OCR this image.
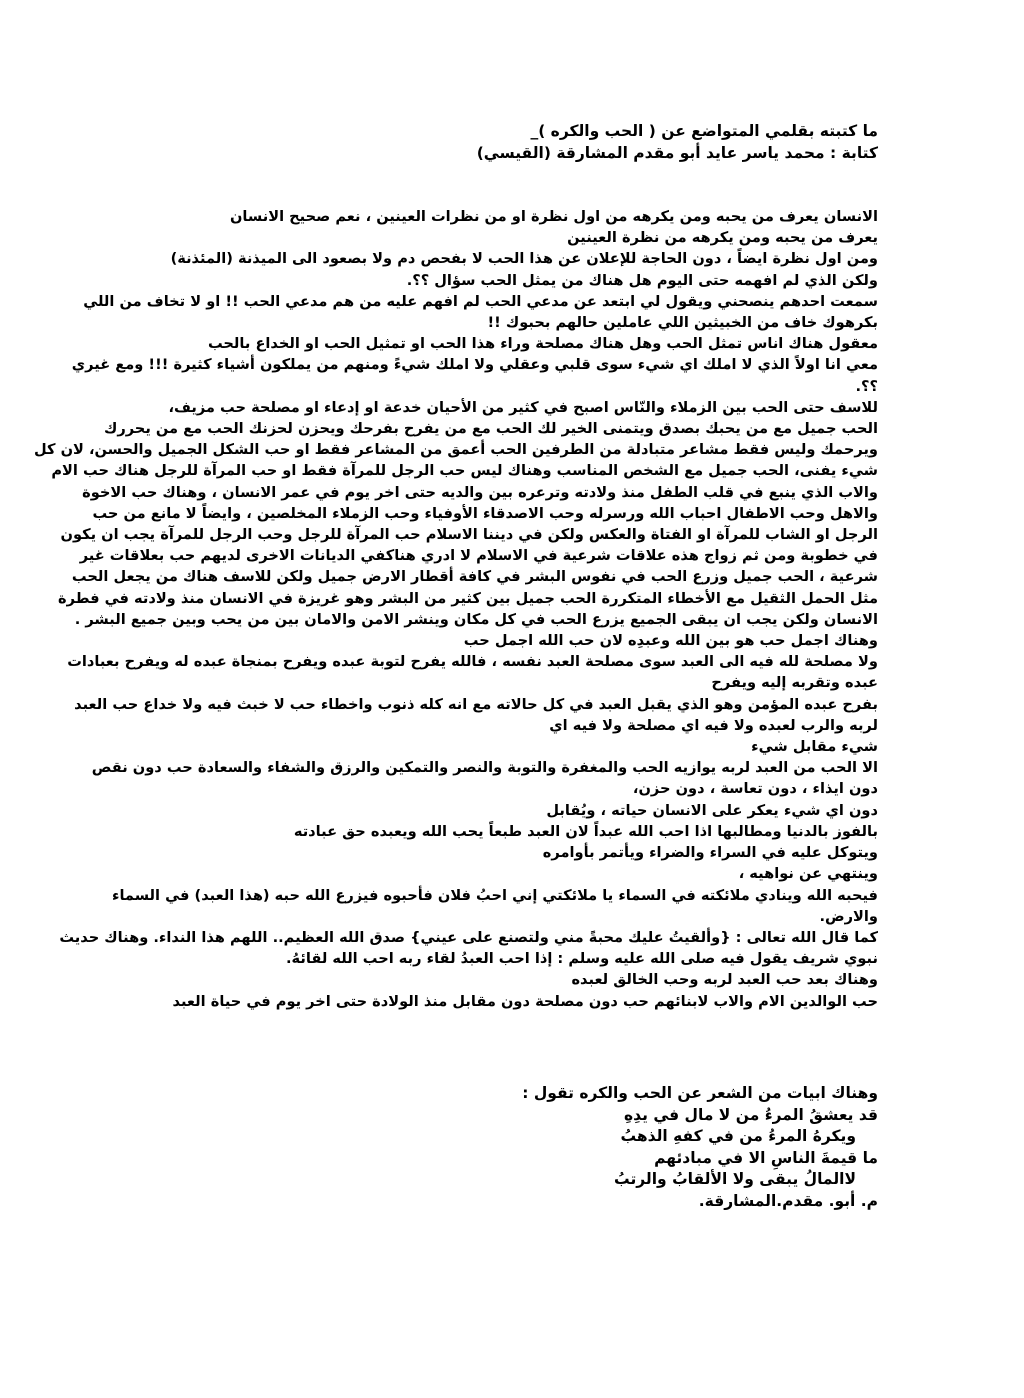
ما كتبته بقلمي المتواضع عن ( الحب والكره )_
كتابة : محمد ياسر عايد أبو مقدم المشارقة (القيسي)
الانسان يعرف من يحبه ومن يكرهه من اول نظرة او من نظرات العينين ، نعم صحيح الانسان
يعرف من يحبه ومن يكرهه من نظرة العينين
ومن اول نظرة ايضاً ، دون الحاجة للإعلان عن هذا الحب لا بفحص دم ولا بصعود الى الميذنة (المئذنة)
ولكن الذي لم افهمه حتى اليوم هل هناك من يمثل الحب سؤال ؟؟.
سمعت احدهم ينصحني ويقول لي ابتعد عن مدعي الحب لم افهم عليه من هم مدعي الحب !! او لا تخاف من اللي
بكرهوك خاف من الخبيثين اللي عاملين حالهم بحبوك !!
معقول هناك اناس تمثل الحب وهل هناك مصلحة وراء هذا الحب او تمثيل الحب او الخداع بالحب
معي انا اولاً الذي لا املك اي شيء سوى قلبي وعقلي ولا املك شيءً ومنهم من يملكون أشياء كثيرة !!! ومع غيري
؟؟.
للاسف حتى الحب بين الزملاء والنّاس اصبح في كثير من الأحيان خدعة او إدعاء او مصلحة حب مزيف،
الحب جميل مع من يحبك بصدق ويتمنى الخير لك الحب مع من يفرح بفرحك ويحزن لحزنك الحب مع من يحررك
ويرحمك وليس فقط مشاعر متبادلة من الطرفين الحب أعمق من المشاعر فقط او حب الشكل الجميل والحسن، لان كل
شيء يفنى، الحب جميل مع الشخص المناسب وهناك ليس حب الرجل للمرآة فقط او حب المرآة للرجل هناك حب الام
والاب الذي ينبع في قلب الطفل منذ ولادته وترعره بين والديه حتى اخر يوم في عمر الانسان ، وهناك حب الاخوة
والاهل وحب الاطفال احباب الله ورسرله وحب الاصدقاء الأوفياء وحب الزملاء المخلصين ، وايضاً لا مانع من حب
الرجل او الشاب للمرآة او الفتاة والعكس ولكن في ديننا الاسلام حب المرآة للرجل وحب الرجل للمرآة يجب ان يكون
في خطوبة ومن ثم زواج هذه علاقات شرعية في الاسلام لا ادري هناكفي الديانات الاخرى لديهم حب بعلاقات غير
شرعية ، الحب جميل وزرع الحب في نفوس البشر في كافة أقطار الارض جميل ولكن للاسف هناك من يجعل الحب
مثل الحمل الثقيل مع الأخطاء المتكررة الحب جميل بين كثير من البشر وهو غريزة في الانسان منذ ولادته في فطرة
الانسان ولكن يجب ان يبقى الجميع يزرع الحب في كل مكان وينشر الامن والامان بين من يحب وبين جميع البشر .
وهناك اجمل حب هو بين الله وعبدِه لان حب الله اجمل حب
ولا مصلحة لله فيه الى العبد سوى مصلحة العبد نفسه ، فالله يفرح لتوبة عبده ويفرح بمنجاة عبده له ويفرح بعبادات
عبده وتقربه إليه ويفرح
بفرح عبده المؤمن وهو الذي يقبل العبد في كل حالاته مع انه كله ذنوب واخطاء حب لا خبث فيه ولا خداع حب العبد
لربه والرب لعبده ولا فيه اي مصلحة ولا فيه اي
شيء مقابل شيء
الا الحب من العبد لربه يوازيه الحب والمغفرة والتوبة والنصر والتمكين والرزق والشفاء والسعادة حب دون نقص
دون ايذاء ، دون تعاسة ، دون حزن،
دون اي شيء يعكر على الانسان حياته ، ويُقابل
بالفوز بالدنيا ومطالبها اذا احب الله عبداً لان العبد طبعاً يحب الله ويعبده حق عبادته
ويتوكل عليه في السراء والضراء ويأتمر بأوامره
وينتهي عن نواهيه ،
فيحبه الله وينادي ملائكته في السماء يا ملائكتي إني احبُ فلان فأحبوه فيزرع الله حبه (هذا العبد) في السماء
والارض.
كما قال الله تعالى : {وألقيتُ عليك محبةً مني ولتصنع على عيني} صدق الله العظيم.. اللهم هذا النداء. وهناك حديث
نبوي شريف يقول فيه صلى الله عليه وسلم : إذا احب العبدُ لقاء ربه احب الله لقائهُ.
وهناك بعد حب العبد لربه وحب الخالق لعبده
حب الوالدين الام والاب لابنائهم حب دون مصلحة دون مقابل منذ الولادة حتى اخر يوم في حياة العبد
وهناك ابيات من الشعر عن الحب والكره تقول :
قد يعشقُ المرءُ من لا مال في يدِهِ
ويكرهُ المرءُ من في كفهِ الذهبُ
ما قيمةَ الناسِ الا في مبادئهم
لاالمالُ يبقى ولا الألقابُ والرتبُ
م. أبو. مقدم.المشارقة.
